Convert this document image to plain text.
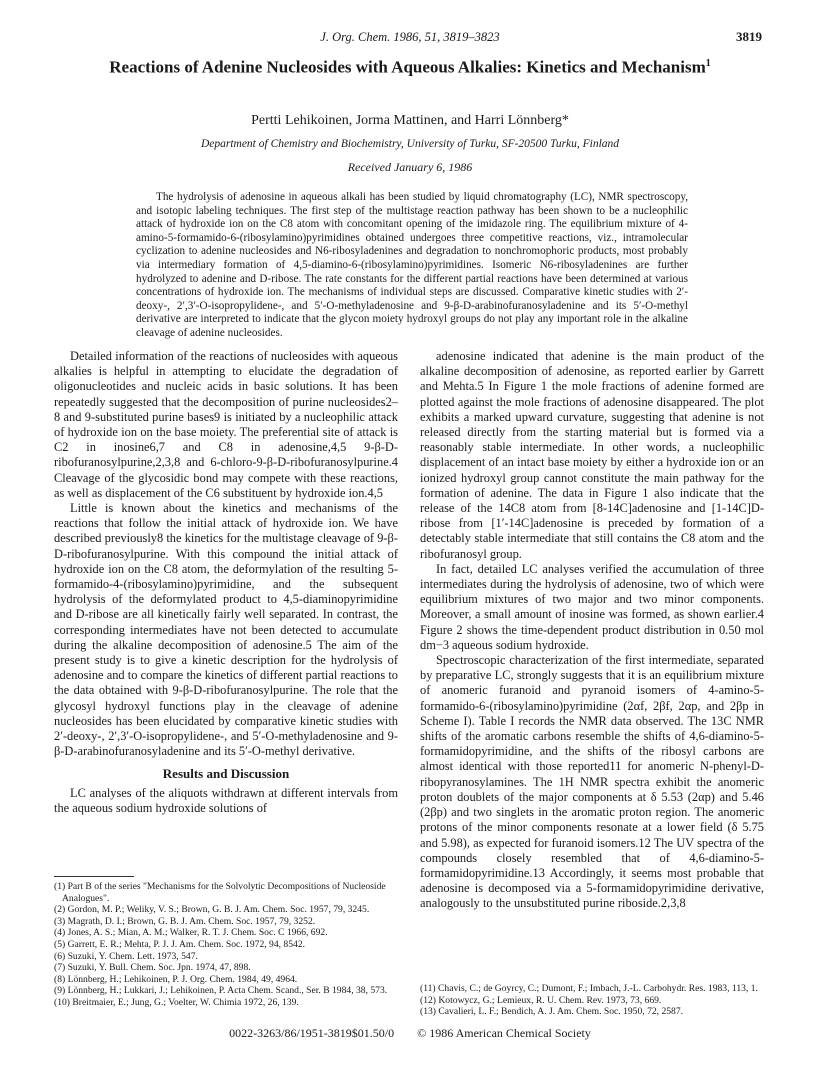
J. Org. Chem. 1986, 51, 3819–3823	3819
Reactions of Adenine Nucleosides with Aqueous Alkalies: Kinetics and Mechanism$^1$
Pertti Lehikoinen, Jorma Mattinen, and Harri Lönnberg*
Department of Chemistry and Biochemistry, University of Turku, SF-20500 Turku, Finland
Received January 6, 1986
The hydrolysis of adenosine in aqueous alkali has been studied by liquid chromatography (LC), NMR spectroscopy, and isotopic labeling techniques. The first step of the multistage reaction pathway has been shown to be a nucleophilic attack of hydroxide ion on the C8 atom with concomitant opening of the imidazole ring. The equilibrium mixture of 4-amino-5-formamido-6-(ribosylamino)pyrimidines obtained undergoes three competitive reactions, viz., intramolecular cyclization to adenine nucleosides and N6-ribosyladenines and degradation to nonchromophoric products, most probably via intermediary formation of 4,5-diamino-6-(ribosylamino)pyrimidines. Isomeric N6-ribosyladenines are further hydrolyzed to adenine and D-ribose. The rate constants for the different partial reactions have been determined at various concentrations of hydroxide ion. The mechanisms of individual steps are discussed. Comparative kinetic studies with 2′-deoxy-, 2′,3′-O-isopropylidene-, and 5′-O-methyladenosine and 9-β-D-arabinofuranosyladenine and its 5′-O-methyl derivative are interpreted to indicate that the glycon moiety hydroxyl groups do not play any important role in the alkaline cleavage of adenine nucleosides.

Detailed information of the reactions of nucleosides with aqueous alkalies is helpful in attempting to elucidate the degradation of oligonucleotides and nucleic acids in basic solutions. It has been repeatedly suggested that the decomposition of purine nucleosides2–8 and 9-substituted purine bases9 is initiated by a nucleophilic attack of hydroxide ion on the base moiety. The preferential site of attack is C2 in inosine6,7 and C8 in adenosine,4,5 9-β-D-ribofuranosylpurine,2,3,8 and 6-chloro-9-β-D-ribofuranosylpurine.4 Cleavage of the glycosidic bond may compete with these reactions, as well as displacement of the C6 substituent by hydroxide ion.4,5

Little is known about the kinetics and mechanisms of the reactions that follow the initial attack of hydroxide ion. We have described previously8 the kinetics for the multistage cleavage of 9-β-D-ribofuranosylpurine. With this compound the initial attack of hydroxide ion on the C8 atom, the deformylation of the resulting 5-formamido-4-(ribosylamino)pyrimidine, and the subsequent hydrolysis of the deformylated product to 4,5-diaminopyrimidine and D-ribose are all kinetically fairly well separated. In contrast, the corresponding intermediates have not been detected to accumulate during the alkaline decomposition of adenosine.5 The aim of the present study is to give a kinetic description for the hydrolysis of adenosine and to compare the kinetics of different partial reactions to the data obtained with 9-β-D-ribofuranosylpurine. The role that the glycosyl hydroxyl functions play in the cleavage of adenine nucleosides has been elucidated by comparative kinetic studies with 2′-deoxy-, 2′,3′-O-isopropylidene-, and 5′-O-methyladenosine and 9-β-D-arabinofuranosyladenine and its 5′-O-methyl derivative.

Results and Discussion

LC analyses of the aliquots withdrawn at different intervals from the aqueous sodium hydroxide solutions of

adenosine indicated that adenine is the main product of the alkaline decomposition of adenosine, as reported earlier by Garrett and Mehta.5 In Figure 1 the mole fractions of adenine formed are plotted against the mole fractions of adenosine disappeared. The plot exhibits a marked upward curvature, suggesting that adenine is not released directly from the starting material but is formed via a reasonably stable intermediate. In other words, a nucleophilic displacement of an intact base moiety by either a hydroxide ion or an ionized hydroxyl group cannot constitute the main pathway for the formation of adenine. The data in Figure 1 also indicate that the release of the 14C8 atom from [8-14C]adenosine and [1-14C]D-ribose from [1′-14C]adenosine is preceded by formation of a detectably stable intermediate that still contains the C8 atom and the ribofuranosyl group.

In fact, detailed LC analyses verified the accumulation of three intermediates during the hydrolysis of adenosine, two of which were equilibrium mixtures of two major and two minor components. Moreover, a small amount of inosine was formed, as shown earlier.4 Figure 2 shows the time-dependent product distribution in 0.50 mol dm−3 aqueous sodium hydroxide.

Spectroscopic characterization of the first intermediate, separated by preparative LC, strongly suggests that it is an equilibrium mixture of anomeric furanoid and pyranoid isomers of 4-amino-5-formamido-6-(ribosylamino)pyrimidine (2αf, 2βf, 2αp, and 2βp in Scheme I). Table I records the NMR data observed. The 13C NMR shifts of the aromatic carbons resemble the shifts of 4,6-diamino-5-formamidopyrimidine, and the shifts of the ribosyl carbons are almost identical with those reported11 for anomeric N-phenyl-D-ribopyranosylamines. The 1H NMR spectra exhibit the anomeric proton doublets of the major components at δ 5.53 (2αp) and 5.46 (2βp) and two singlets in the aromatic proton region. The anomeric protons of the minor components resonate at a lower field (δ 5.75 and 5.98), as expected for furanoid isomers.12 The UV spectra of the compounds closely resembled that of 4,6-diamino-5-formamidopyrimidine.13 Accordingly, it seems most probable that adenosine is decomposed via a 5-formamidopyrimidine derivative, analogously to the unsubstituted purine riboside.2,3,8

(1) Part B of the series "Mechanisms for the Solvolytic Decompositions of Nucleoside Analogues".
(2) Gordon, M. P.; Weliky, V. S.; Brown, G. B. J. Am. Chem. Soc. 1957, 79, 3245.
(3) Magrath, D. I.; Brown, G. B. J. Am. Chem. Soc. 1957, 79, 3252.
(4) Jones, A. S.; Mian, A. M.; Walker, R. T. J. Chem. Soc. C 1966, 692.
(5) Garrett, E. R.; Mehta, P. J. J. Am. Chem. Soc. 1972, 94, 8542.
(6) Suzuki, Y. Chem. Lett. 1973, 547.
(7) Suzuki, Y. Bull. Chem. Soc. Jpn. 1974, 47, 898.
(8) Lönnberg, H.; Lehikoinen, P. J. Org. Chem. 1984, 49, 4964.
(9) Lönnberg, H.; Lukkari, J.; Lehikoinen, P. Acta Chem. Scand., Ser. B 1984, 38, 573.
(10) Breitmaier, E.; Jung, G.; Voelter, W. Chimia 1972, 26, 139.
(11) Chavis, C.; de Goyrcy, C.; Dumont, F.; Imbach, J.-L. Carbohydr. Res. 1983, 113, 1.
(12) Kotowycz, G.; Lemieux, R. U. Chem. Rev. 1973, 73, 669.
(13) Cavalieri, L. F.; Bendich, A. J. Am. Chem. Soc. 1950, 72, 2587.
0022-3263/86/1951-3819$01.50/0 © 1986 American Chemical Society
